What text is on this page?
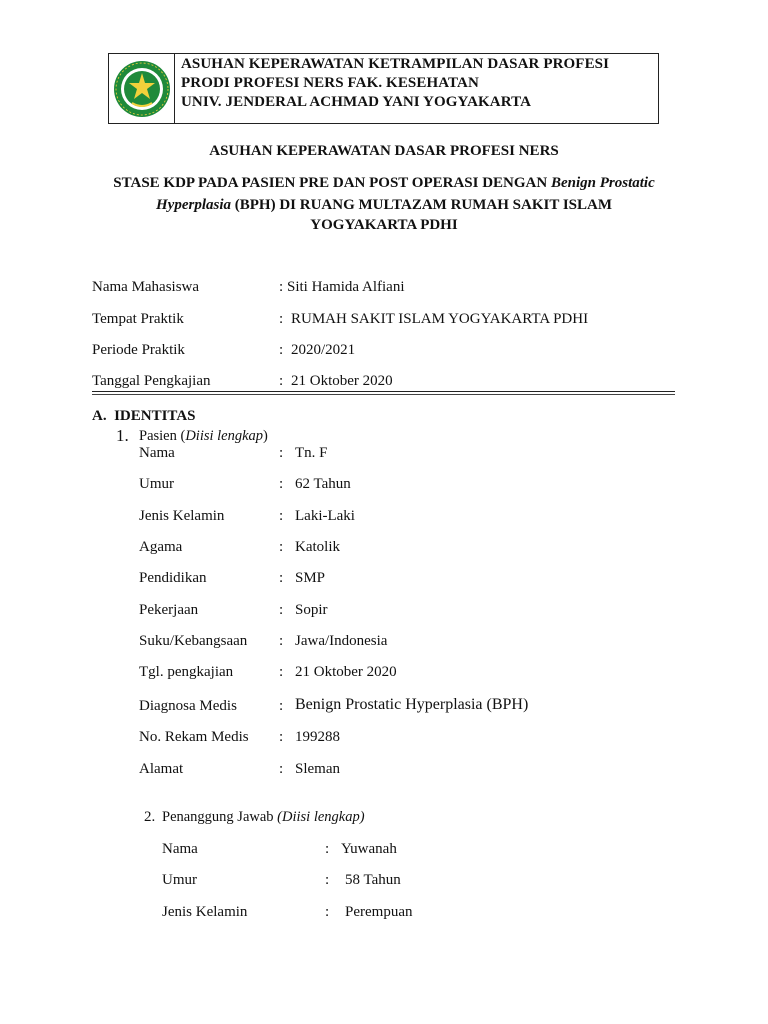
ASUHAN KEPERAWATAN KETRAMPILAN DASAR PROFESI
PRODI PROFESI NERS FAK. KESEHATAN
UNIV. JENDERAL ACHMAD YANI YOGYAKARTA
ASUHAN KEPERAWATAN DASAR PROFESI NERS
STASE KDP PADA PASIEN PRE DAN POST OPERASI DENGAN Benign Prostatic
Hyperplasia (BPH) DI RUANG MULTAZAM RUMAH SAKIT ISLAM
YOGYAKARTA PDHI
Nama Mahasiswa	: Siti Hamida Alfiani
Tempat Praktik	: RUMAH SAKIT ISLAM YOGYAKARTA PDHI
Periode Praktik	: 2020/2021
Tanggal Pengkajian	: 21 Oktober 2020
A.  IDENTITAS
1. Pasien (Diisi lengkap)
Nama	: Tn. F
Umur	: 62 Tahun
Jenis Kelamin	: Laki-Laki
Agama	: Katolik
Pendidikan	: SMP
Pekerjaan	: Sopir
Suku/Kebangsaan : Jawa/Indonesia
Tgl. pengkajian	: 21 Oktober 2020
Diagnosa Medis	: Benign Prostatic Hyperplasia (BPH)
No. Rekam Medis : 199288
Alamat	: Sleman
2. Penanggung Jawab (Diisi lengkap)
Nama	: Yuwanah
Umur	: 58 Tahun
Jenis Kelamin	: Perempuan
